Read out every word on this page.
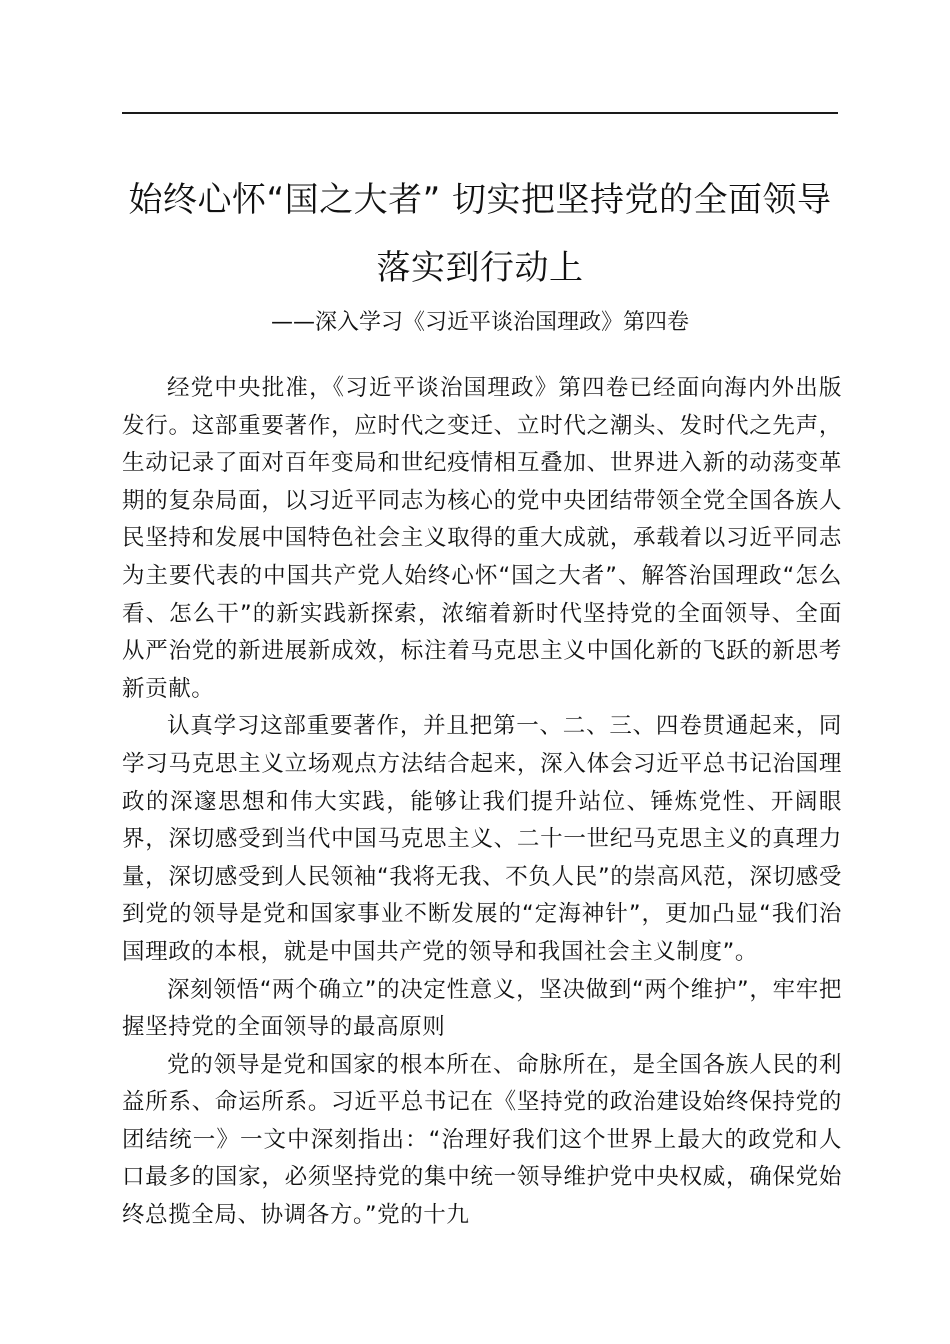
始终心怀“国之大者” 切实把坚持党的全面领导
落实到行动上

——深入学习《习近平谈治国理政》第四卷

经党中央批准，《习近平谈治国理政》第四卷已经面向海内外出版发行。这部重要著作，应时代之变迁、立时代之潮头、发时代之先声，生动记录了面对百年变局和世纪疫情相互叠加、世界进入新的动荡变革期的复杂局面，以习近平同志为核心的党中央团结带领全党全国各族人民坚持和发展中国特色社会主义取得的重大成就，承载着以习近平同志为主要代表的中国共产党人始终心怀“国之大者”、解答治国理政“怎么看、怎么干”的新实践新探索，浓缩着新时代坚持党的全面领导、全面从严治党的新进展新成效，标注着马克思主义中国化新的飞跃的新思考新贡献。

认真学习这部重要著作，并且把第一、二、三、四卷贯通起来，同学习马克思主义立场观点方法结合起来，深入体会习近平总书记治国理政的深邃思想和伟大实践，能够让我们提升站位、锤炼党性、开阔眼界，深切感受到当代中国马克思主义、二十一世纪马克思主义的真理力量，深切感受到人民领袖“我将无我、不负人民”的崇高风范，深切感受到党的领导是党和国家事业不断发展的“定海神针”，更加凸显“我们治国理政的本根，就是中国共产党的领导和我国社会主义制度”。

深刻领悟“两个确立”的决定性意义，坚决做到“两个维护”，牢牢把握坚持党的全面领导的最高原则

党的领导是党和国家的根本所在、命脉所在，是全国各族人民的利益所系、命运所系。习近平总书记在《坚持党的政治建设始终保持党的团结统一》一文中深刻指出：“治理好我们这个世界上最大的政党和人口最多的国家，必须坚持党的集中统一领导维护党中央权威，确保党始终总揽全局、协调各方。”党的十九
